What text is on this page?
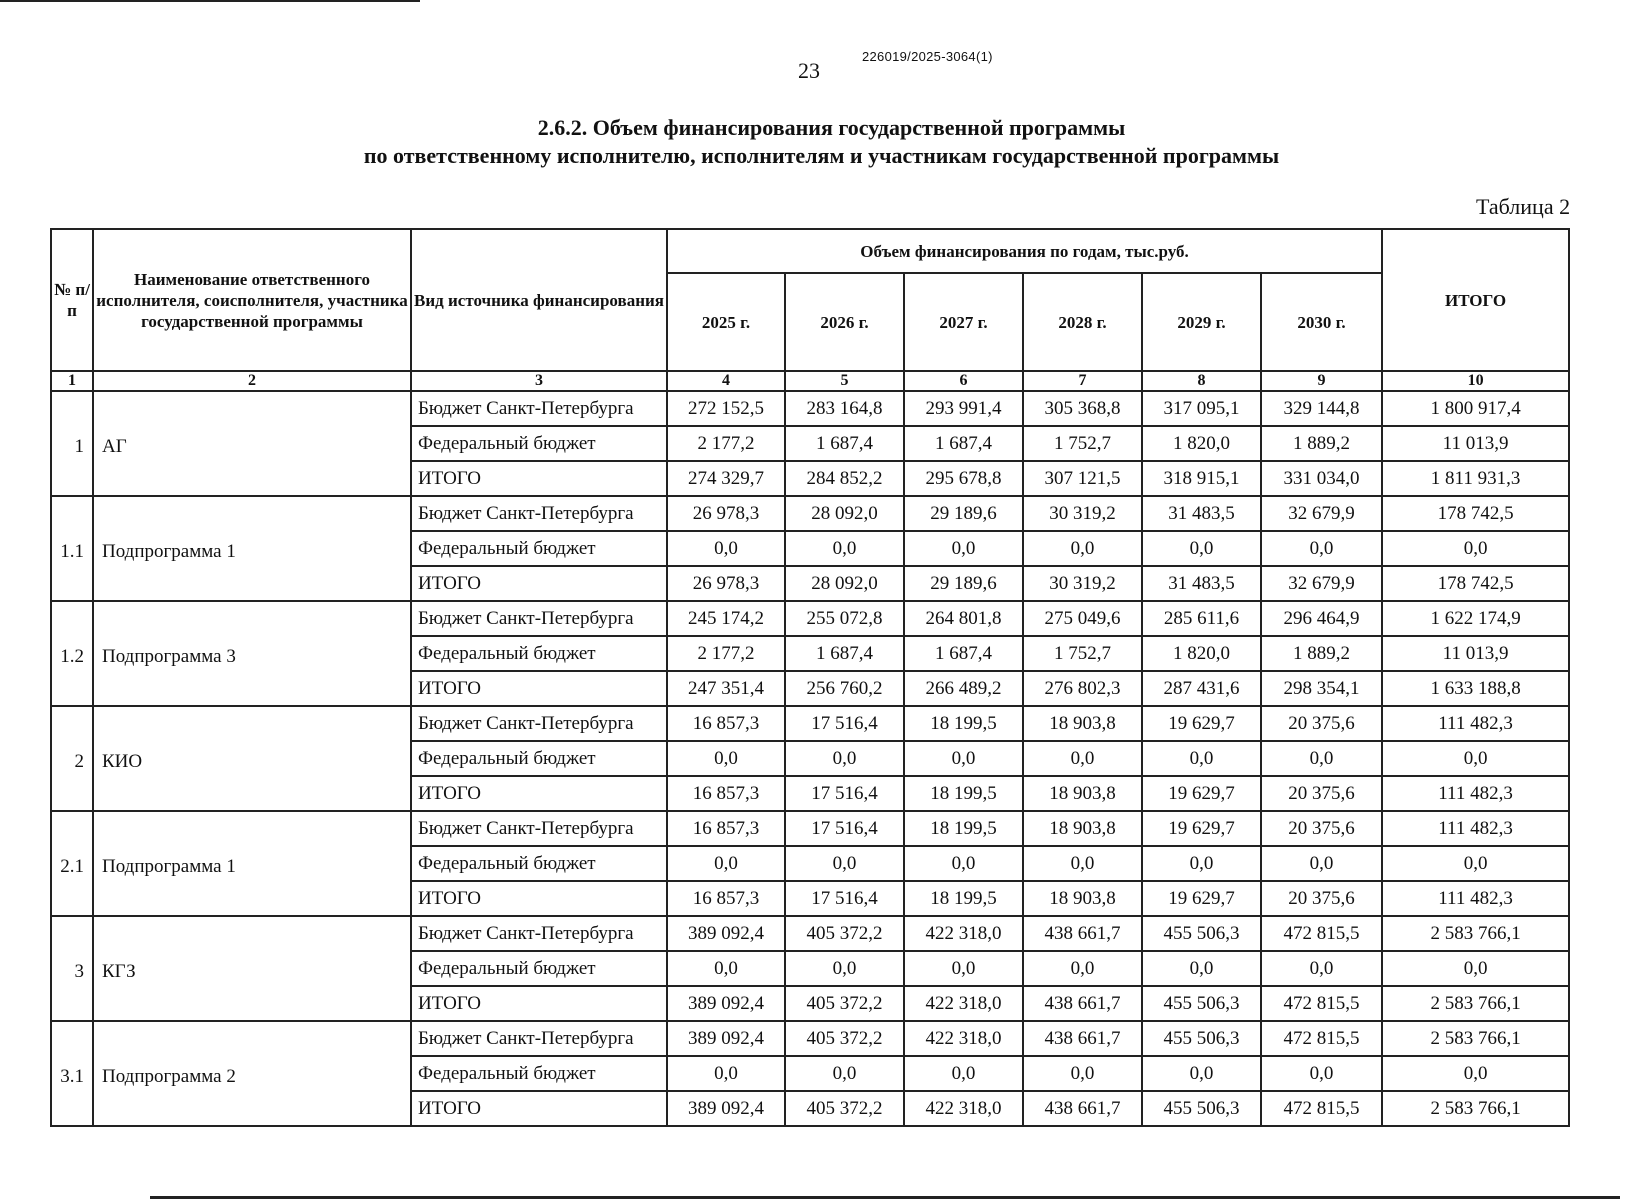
23
226019/2025-3064(1)
2.6.2. Объем финансирования государственной программы
по ответственному исполнителю, исполнителям и участникам государственной программы
Таблица 2
№ п/п	Наименование ответственного исполнителя, соисполнителя, участника государственной программы	Вид источника финансирования	Объем финансирования по годам, тыс.руб.						ИТОГО
			2025 г.	2026 г.	2027 г.	2028 г.	2029 г.	2030 г.	
1	2	3	4	5	6	7	8	9	10
1	АГ	Бюджет Санкт-Петербурга	272 152,5	283 164,8	293 991,4	305 368,8	317 095,1	329 144,8	1 800 917,4
		Федеральный бюджет	2 177,2	1 687,4	1 687,4	1 752,7	1 820,0	1 889,2	11 013,9
		ИТОГО	274 329,7	284 852,2	295 678,8	307 121,5	318 915,1	331 034,0	1 811 931,3
1.1	Подпрограмма 1	Бюджет Санкт-Петербурга	26 978,3	28 092,0	29 189,6	30 319,2	31 483,5	32 679,9	178 742,5
		Федеральный бюджет	0,0	0,0	0,0	0,0	0,0	0,0	0,0
		ИТОГО	26 978,3	28 092,0	29 189,6	30 319,2	31 483,5	32 679,9	178 742,5
1.2	Подпрограмма 3	Бюджет Санкт-Петербурга	245 174,2	255 072,8	264 801,8	275 049,6	285 611,6	296 464,9	1 622 174,9
		Федеральный бюджет	2 177,2	1 687,4	1 687,4	1 752,7	1 820,0	1 889,2	11 013,9
		ИТОГО	247 351,4	256 760,2	266 489,2	276 802,3	287 431,6	298 354,1	1 633 188,8
2	КИО	Бюджет Санкт-Петербурга	16 857,3	17 516,4	18 199,5	18 903,8	19 629,7	20 375,6	111 482,3
		Федеральный бюджет	0,0	0,0	0,0	0,0	0,0	0,0	0,0
		ИТОГО	16 857,3	17 516,4	18 199,5	18 903,8	19 629,7	20 375,6	111 482,3
2.1	Подпрограмма 1	Бюджет Санкт-Петербурга	16 857,3	17 516,4	18 199,5	18 903,8	19 629,7	20 375,6	111 482,3
		Федеральный бюджет	0,0	0,0	0,0	0,0	0,0	0,0	0,0
		ИТОГО	16 857,3	17 516,4	18 199,5	18 903,8	19 629,7	20 375,6	111 482,3
3	КГЗ	Бюджет Санкт-Петербурга	389 092,4	405 372,2	422 318,0	438 661,7	455 506,3	472 815,5	2 583 766,1
		Федеральный бюджет	0,0	0,0	0,0	0,0	0,0	0,0	0,0
		ИТОГО	389 092,4	405 372,2	422 318,0	438 661,7	455 506,3	472 815,5	2 583 766,1
3.1	Подпрограмма 2	Бюджет Санкт-Петербурга	389 092,4	405 372,2	422 318,0	438 661,7	455 506,3	472 815,5	2 583 766,1
		Федеральный бюджет	0,0	0,0	0,0	0,0	0,0	0,0	0,0
		ИТОГО	389 092,4	405 372,2	422 318,0	438 661,7	455 506,3	472 815,5	2 583 766,1
